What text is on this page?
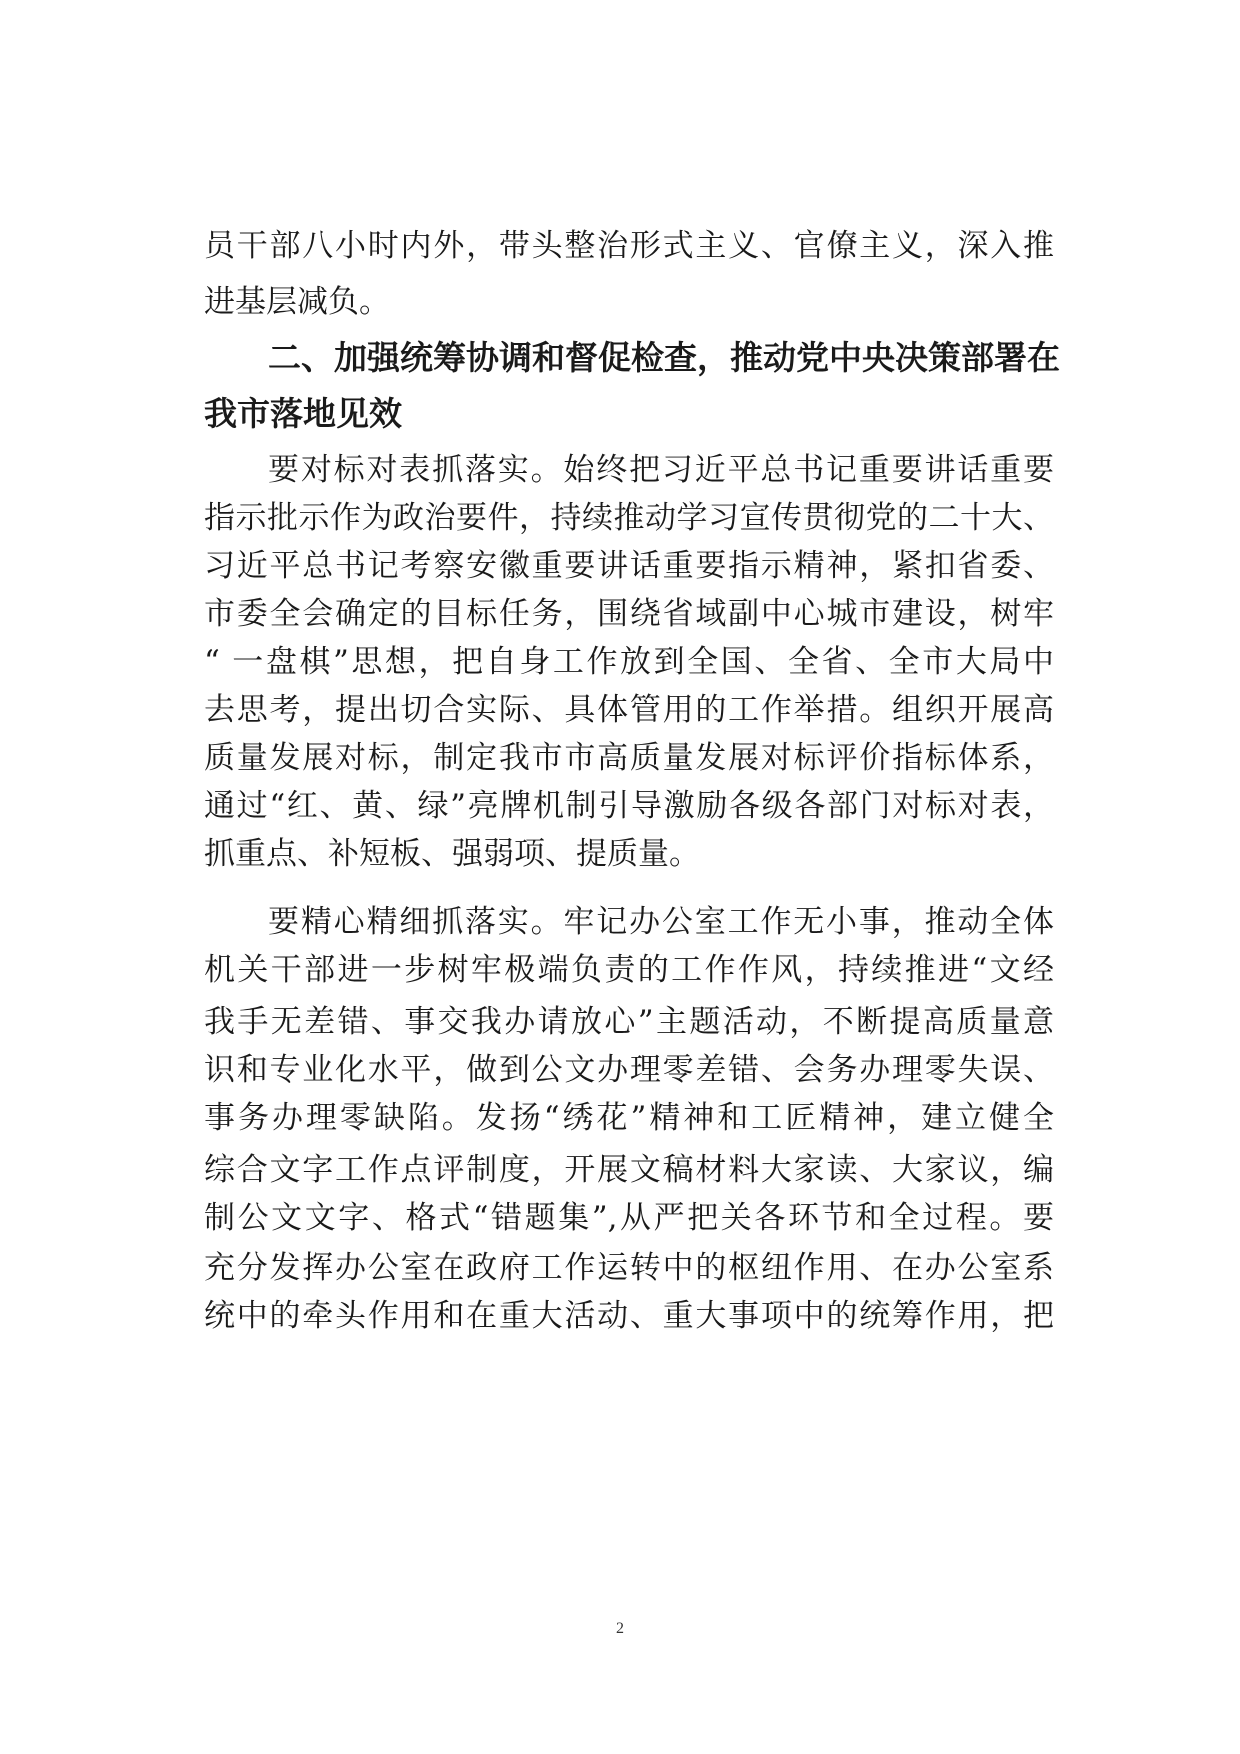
员干部八小时内外，带头整治形式主义、官僚主义，深入推
进基层减负。
二、加强统筹协调和督促检查，推动党中央决策部署在
我市落地见效
要对标对表抓落实。始终把习近平总书记重要讲话重要
指示批示作为政治要件，持续推动学习宣传贯彻党的二十大、
习近平总书记考察安徽重要讲话重要指示精神，紧扣省委、
市委全会确定的目标任务，围绕省域副中心城市建设，树牢
“ 一盘棋”思想，把自身工作放到全国、全省、全市大局中
去思考，提出切合实际、具体管用的工作举措。组织开展高
质量发展对标，制定我市市高质量发展对标评价指标体系，
通过“红、黄、绿”亮牌机制引导激励各级各部门对标对表，
抓重点、补短板、强弱项、提质量。
要精心精细抓落实。牢记办公室工作无小事，推动全体
机关干部进一步树牢极端负责的工作作风，持续推进“文经
我手无差错、事交我办请放心”主题活动，不断提高质量意
识和专业化水平，做到公文办理零差错、会务办理零失误、
事务办理零缺陷。发扬“绣花”精神和工匠精神，建立健全
综合文字工作点评制度，开展文稿材料大家读、大家议，编
制公文文字、格式“错题集”,从严把关各环节和全过程。要
充分发挥办公室在政府工作运转中的枢纽作用、在办公室系
统中的牵头作用和在重大活动、重大事项中的统筹作用，把
2
